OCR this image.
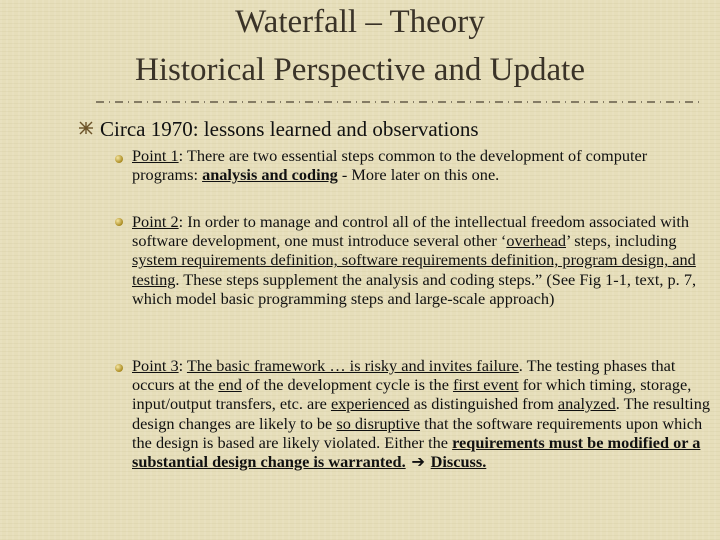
Waterfall – Theory
Historical Perspective and Update
Circa 1970: lessons learned and observations
Point 1: There are two essential steps common to the development of computer programs: analysis and coding - More later on this one.
Point 2: In order to manage and control all of the intellectual freedom associated with software development, one must introduce several other ‘overhead’ steps, including system requirements definition, software requirements definition, program design, and testing. These steps supplement the analysis and coding steps.” (See Fig 1-1, text, p. 7, which model basic programming steps and large-scale approach)
Point 3: The basic framework … is risky and invites failure. The testing phases that occurs at the end of the development cycle is the first event for which timing, storage, input/output transfers, etc. are experienced as distinguished from analyzed. The resulting design changes are likely to be so disruptive that the software requirements upon which the design is based are likely violated. Either the requirements must be modified or a substantial design change is warranted. ➔ Discuss.
